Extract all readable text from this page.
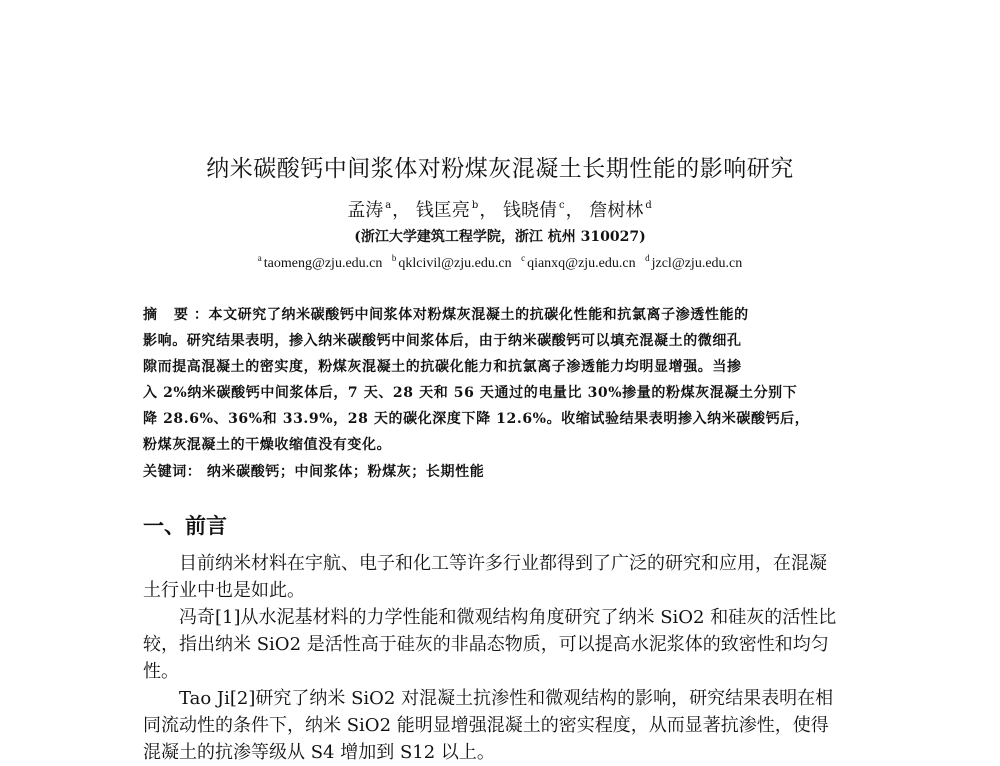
纳米碳酸钙中间浆体对粉煤灰混凝土长期性能的影响研究
孟涛 $^a$， 钱匡亮 $^b$， 钱晓倩 $^c$， 詹树林 $^d$
(浙江大学建筑工程学院，浙江 杭州 310027)
$^a$ taomeng@zju.edu.cn $^b$ qklcivil@zju.edu.cn $^c$ qianxq@zju.edu.cn $^d$ jzcl@zju.edu.cn

摘 要：本文研究了纳米碳酸钙中间浆体对粉煤灰混凝土的抗碳化性能和抗氯离子渗透性能的

影响。研究结果表明，掺入纳米碳酸钙中间浆体后，由于纳米碳酸钙可以填充混凝土的微细孔

隙而提高混凝土的密实度，粉煤灰混凝土的抗碳化能力和抗氯离子渗透能力均明显增强。当掺

入 2%纳米碳酸钙中间浆体后，7 天、28 天和 56 天通过的电量比 30%掺量的粉煤灰混凝土分别下

降 28.6%、36%和 33.9%，28 天的碳化深度下降 12.6%。收缩试验结果表明掺入纳米碳酸钙后，

粉煤灰混凝土的干燥收缩值没有变化。

关键词： 纳米碳酸钙；中间浆体；粉煤灰；长期性能
一、前言

目前纳米材料在宇航、电子和化工等许多行业都得到了广泛的研究和应用，在混凝

土行业中也是如此。

冯奇[1]从水泥基材料的力学性能和微观结构角度研究了纳米 SiO2 和硅灰的活性比

较，指出纳米 SiO2 是活性高于硅灰的非晶态物质，可以提高水泥浆体的致密性和均匀

性。

Tao Ji[2]研究了纳米 SiO2 对混凝土抗渗性和微观结构的影响，研究结果表明在相

同流动性的条件下，纳米 SiO2 能明显增强混凝土的密实程度，从而显著抗渗性，使得

混凝土的抗渗等级从 S4 增加到 S12 以上。
